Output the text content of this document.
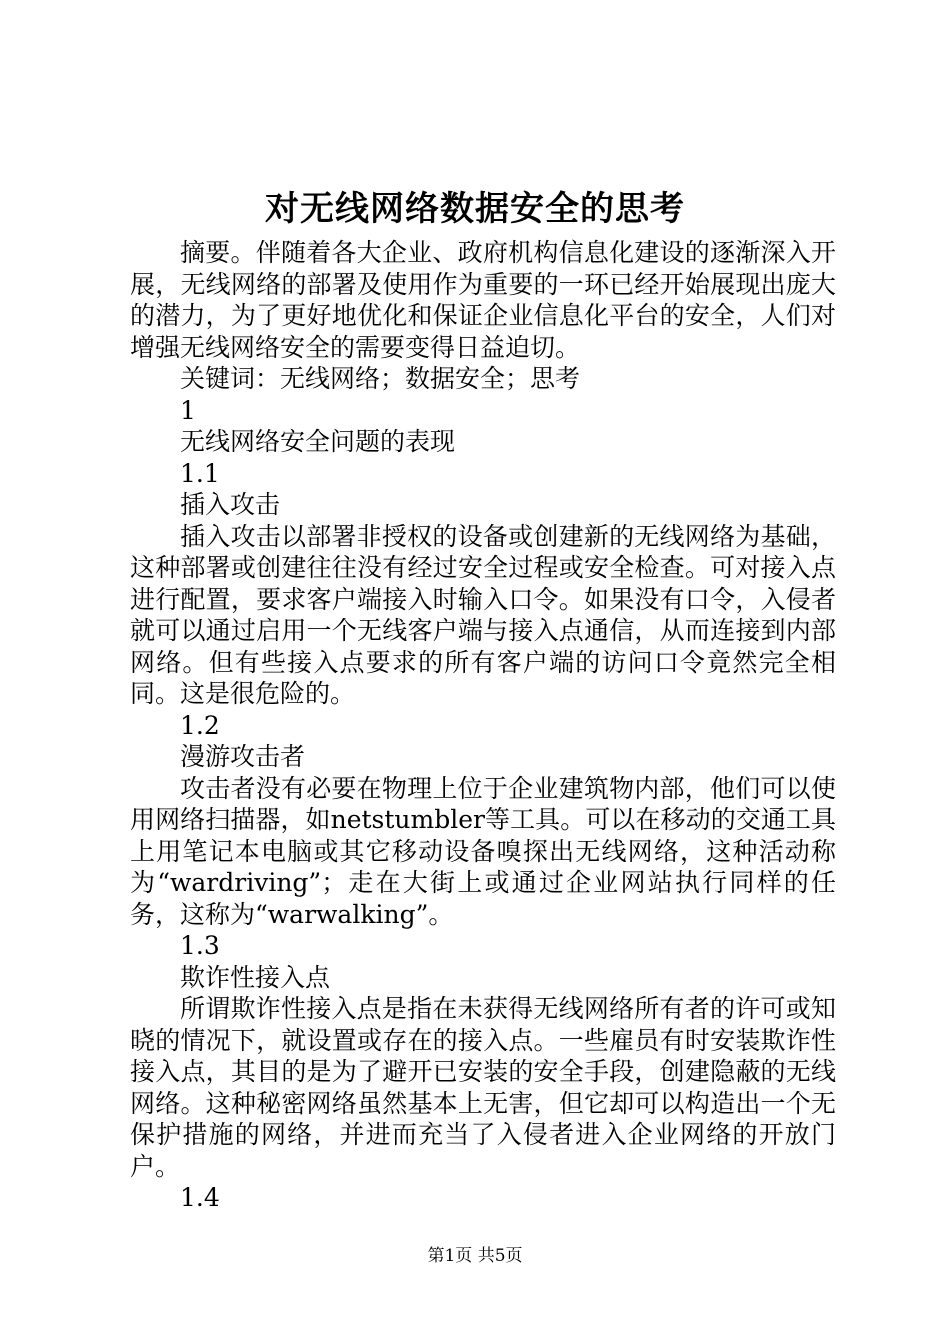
对无线网络数据安全的思考

摘要。伴随着各大企业、政府机构信息化建设的逐渐深入开展，无线网络的部署及使用作为重要的一环已经开始展现出庞大的潜力，为了更好地优化和保证企业信息化平台的安全，人们对增强无线网络安全的需要变得日益迫切。

关键词：无线网络；数据安全；思考

1

无线网络安全问题的表现

1.1

插入攻击

插入攻击以部署非授权的设备或创建新的无线网络为基础，这种部署或创建往往没有经过安全过程或安全检查。可对接入点进行配置，要求客户端接入时输入口令。如果没有口令，入侵者就可以通过启用一个无线客户端与接入点通信，从而连接到内部网络。但有些接入点要求的所有客户端的访问口令竟然完全相同。这是很危险的。

1.2

漫游攻击者

攻击者没有必要在物理上位于企业建筑物内部，他们可以使用网络扫描器，如netstumbler等工具。可以在移动的交通工具上用笔记本电脑或其它移动设备嗅探出无线网络，这种活动称为“wardriving”；走在大街上或通过企业网站执行同样的任务，这称为“warwalking”。

1.3

欺诈性接入点

所谓欺诈性接入点是指在未获得无线网络所有者的许可或知晓的情况下，就设置或存在的接入点。一些雇员有时安装欺诈性接入点，其目的是为了避开已安装的安全手段，创建隐蔽的无线网络。这种秘密网络虽然基本上无害，但它却可以构造出一个无保护措施的网络，并进而充当了入侵者进入企业网络的开放门户。

1.4

第1页 共5页
